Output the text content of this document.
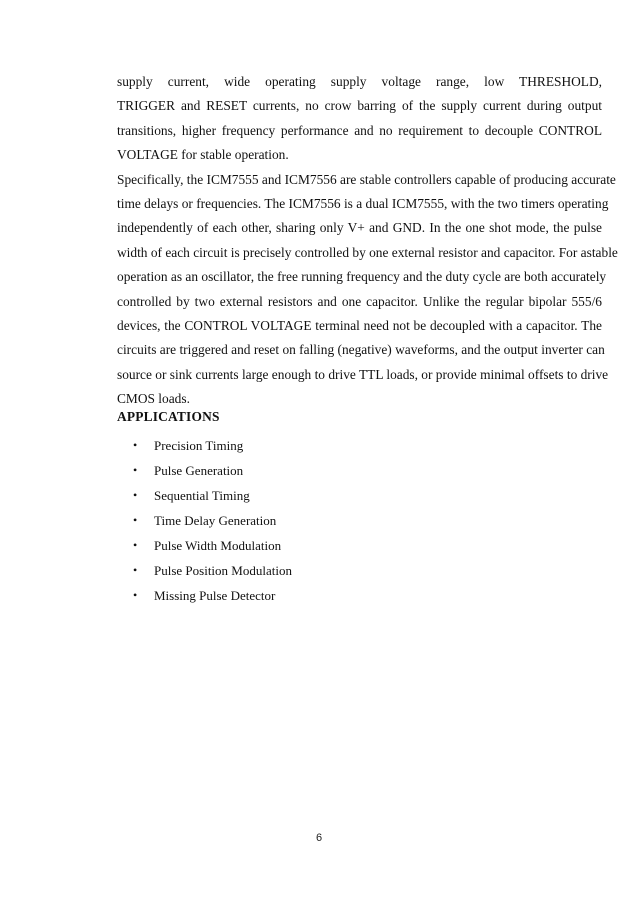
supply current, wide operating supply voltage range, low THRESHOLD,
TRIGGER and RESET currents, no crow barring of the supply current during output
transitions, higher frequency performance and no requirement to decouple CONTROL
VOLTAGE for stable operation.
Specifically, the ICM7555 and ICM7556 are stable controllers capable of producing accurate
time delays or frequencies. The ICM7556 is a dual ICM7555, with the two timers operating
independently of each other, sharing only V+ and GND. In the one shot mode, the pulse
width of each circuit is precisely controlled by one external resistor and capacitor. For astable
operation as an oscillator, the free running frequency and the duty cycle are both accurately
controlled by two external resistors and one capacitor. Unlike the regular bipolar 555/6
devices, the CONTROL VOLTAGE terminal need not be decoupled with a capacitor. The
circuits are triggered and reset on falling (negative) waveforms, and the output inverter can
source or sink currents large enough to drive TTL loads, or provide minimal offsets to drive
CMOS loads.
APPLICATIONS
• Precision Timing
• Pulse Generation
• Sequential Timing
• Time Delay Generation
• Pulse Width Modulation
• Pulse Position Modulation
• Missing Pulse Detector
6
